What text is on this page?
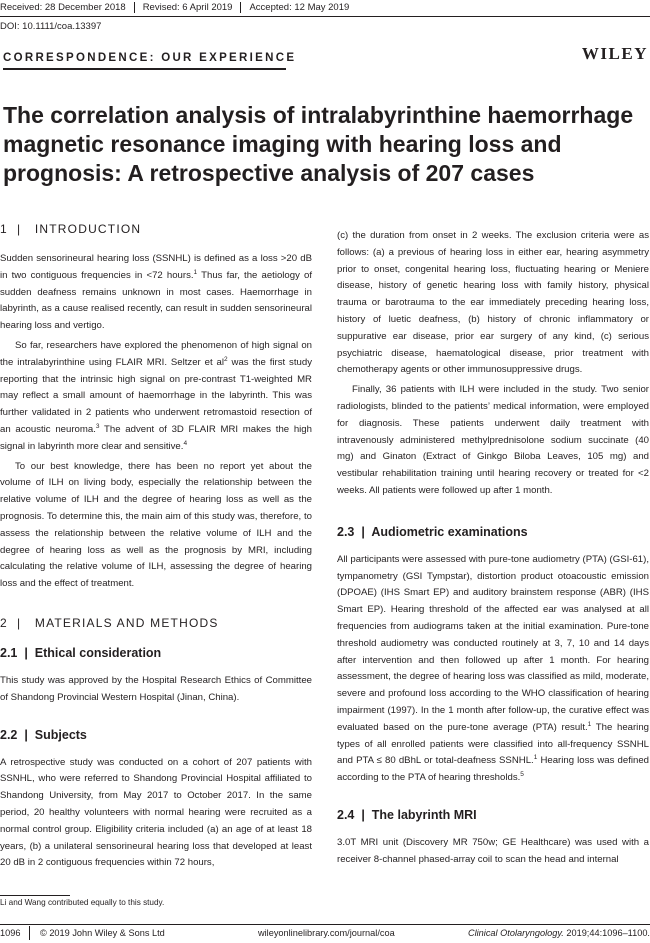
Received: 28 December 2018	Revised: 6 April 2019	Accepted: 12 May 2019
DOI: 10.1111/coa.13397
CORRESPONDENCE: OUR EXPERIENCE	WILEY
The correlation analysis of intralabyrinthine haemorrhage magnetic resonance imaging with hearing loss and prognosis: A retrospective analysis of 207 cases
1  |   INTRODUCTION

Sudden sensorineural hearing loss (SSNHL) is defined as a loss >20 dB in two contiguous frequencies in <72 hours.$^1$ Thus far, the aetiology of sudden deafness remains unknown in most cases. Haemorrhage in labyrinth, as a cause realised recently, can result in sudden sensorineural hearing loss and vertigo.

So far, researchers have explored the phenomenon of high signal on the intralabyrinthine using FLAIR MRI. Seltzer et $al^2$ was the first study reporting that the intrinsic high signal on pre-contrast T1-weighted MR may reflect a small amount of haemorrhage in the labyrinth. This was further validated in 2 patients who underwent retromastoid resection of an acoustic neuroma.$^3$ The advent of 3D FLAIR MRI makes the high signal in labyrinth more clear and sensitive.$^4$

To our best knowledge, there has been no report yet about the volume of ILH on living body, especially the relationship between the relative volume of ILH and the degree of hearing loss as well as the prognosis. To determine this, the main aim of this study was, therefore, to assess the relationship between the relative volume of ILH and the degree of hearing loss as well as the prognosis by MRI, including calculating the relative volume of ILH, assessing the degree of hearing loss and the effect of treatment.

2  |   MATERIALS AND METHODS
2.1  |  Ethical consideration

This study was approved by the Hospital Research Ethics of Committee of Shandong Provincial Western Hospital (Jinan, China).

2.2  |  Subjects

A retrospective study was conducted on a cohort of 207 patients with SSNHL, who were referred to Shandong Provincial Hospital affiliated to Shandong University, from May 2017 to October 2017. In the same period, 20 healthy volunteers with normal hearing were recruited as a normal control group. Eligibility criteria included (a) an age of at least 18 years, (b) a unilateral sensorineural hearing loss that developed at least 20 dB in 2 contiguous frequencies within 72 hours,

(c) the duration from onset in 2 weeks. The exclusion criteria were as follows: (a) a previous of hearing loss in either ear, hearing asymmetry prior to onset, congenital hearing loss, fluctuating hearing or Meniere disease, history of genetic hearing loss with family history, physical trauma or barotrauma to the ear immediately preceding hearing loss, history of luetic deafness, (b) history of chronic inflammatory or suppurative ear disease, prior ear surgery of any kind, (c) serious psychiatric disease, haematological disease, prior treatment with chemotherapy agents or other immunosuppressive drugs.

Finally, 36 patients with ILH were included in the study. Two senior radiologists, blinded to the patients’ medical information, were employed for diagnosis. These patients underwent daily treatment with intravenously administered methylprednisolone sodium succinate (40 mg) and Ginaton (Extract of Ginkgo Biloba Leaves, 105 mg) and vestibular rehabilitation training until hearing recovery or treated for <2 weeks. All patients were followed up after 1 month.

2.3  |  Audiometric examinations

All participants were assessed with pure-tone audiometry (PTA) (GSI-61), tympanometry (GSI Tympstar), distortion product otoacoustic emission (DPOAE) (IHS Smart EP) and auditory brainstem response (ABR) (IHS Smart EP). Hearing threshold of the affected ear was analysed at all frequencies from audiograms taken at the initial examination. Pure-tone threshold audiometry was conducted routinely at 3, 7, 10 and 14 days after intervention and then followed up after 1 month. For hearing assessment, the degree of hearing loss was classified as mild, moderate, severe and profound loss according to the WHO classification of hearing impairment (1997). In the 1 month after follow-up, the curative effect was evaluated based on the pure-tone average (PTA) result.$^1$ The hearing types of all enrolled patients were classified into all-frequency SSNHL and PTA ≤ 80 dBhL or total-deafness SSNHL.$^1$ Hearing loss was defined according to the PTA of hearing thresholds.$^5$

2.4  |  The labyrinth MRI

3.0T MRI unit (Discovery MR 750w; GE Healthcare) was used with a receiver 8-channel phased-array coil to scan the head and internal

Li and Wang contributed equally to this study.
1096 © 2019 John Wiley & Sons Ltd	wileyonlinelibrary.com/journal/coa	Clinical Otolaryngology. 2019;44:1096–1100.
